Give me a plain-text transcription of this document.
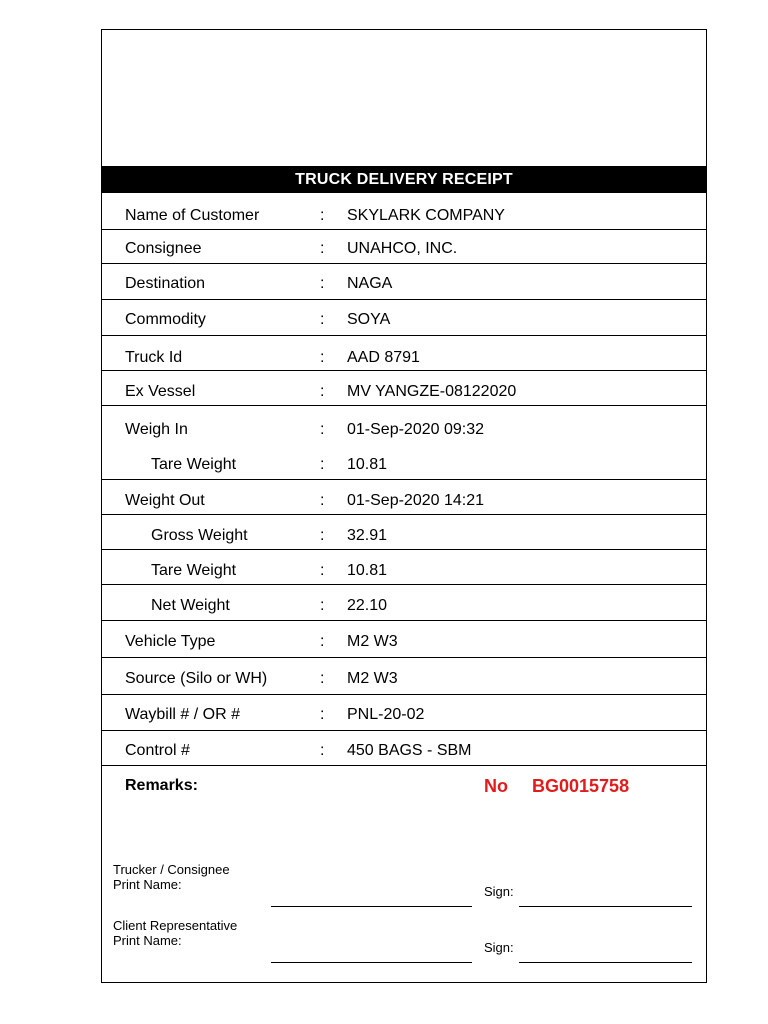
TRUCK DELIVERY RECEIPT
Name of Customer	: SKYLARK COMPANY
Consignee	: UNAHCO, INC.
Destination	: NAGA
Commodity	: SOYA
Truck Id	: AAD 8791
Ex Vessel	: MV YANGZE-08122020
Weigh In	: 01-Sep-2020 09:32
Tare Weight	: 10.81
Weight Out	: 01-Sep-2020 14:21
Gross Weight	: 32.91
Tare Weight	: 10.81
Net Weight	: 22.10
Vehicle Type	: M2 W3
Source (Silo or WH)	: M2 W3
Waybill # / OR #	: PNL-20-02
Control #	: 450 BAGS - SBM
Remarks:	No BG0015758
Trucker / Consignee
Print Name:	Sign:
Client Representative
Print Name:	Sign:
